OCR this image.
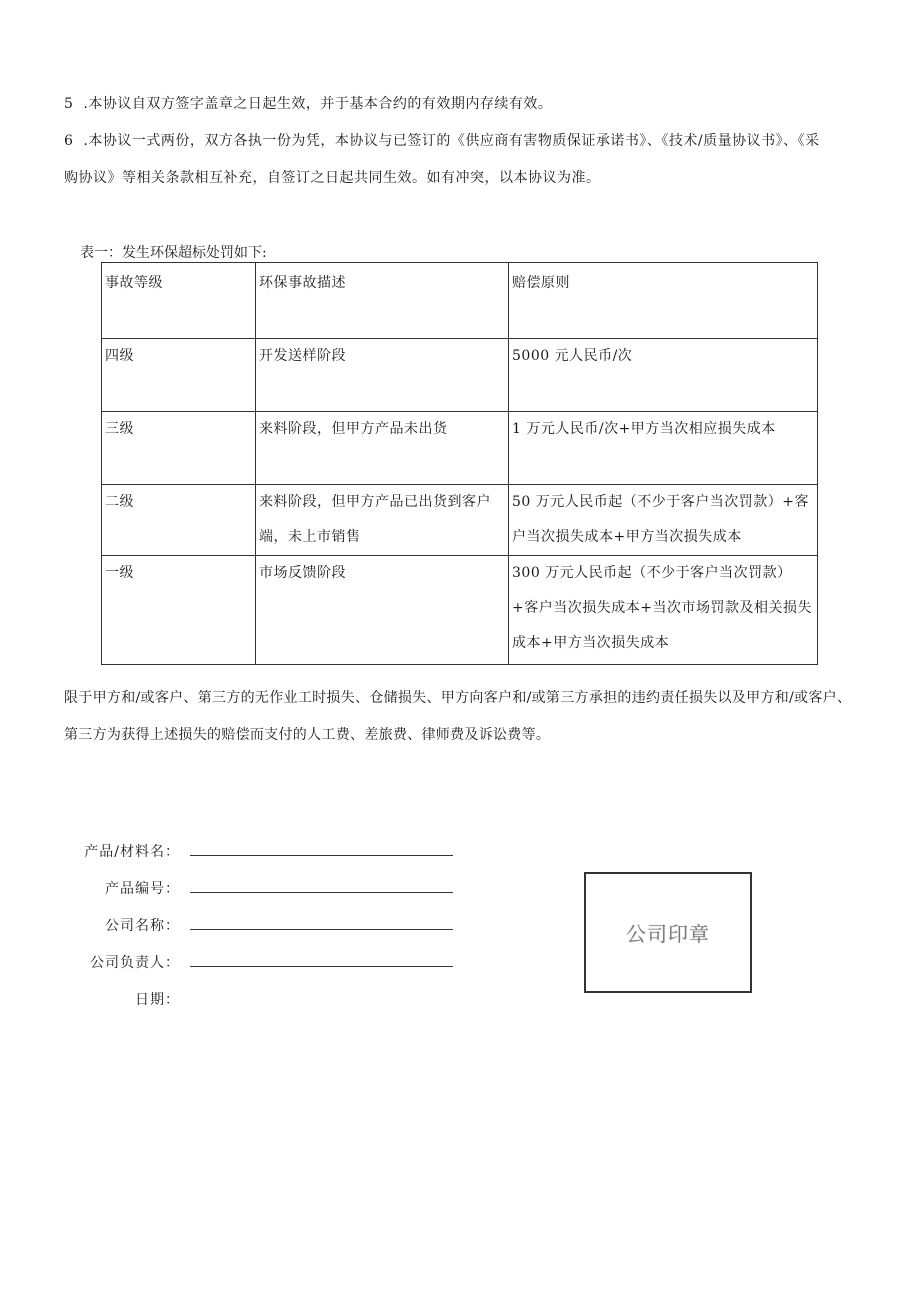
5 .本协议自双方签字盖章之日起生效，并于基本合约的有效期内存续有效。

6 .本协议一式两份，双方各执一份为凭，本协议与已签订的《供应商有害物质保证承诺书》、《技术/质量协议书》、《采购协议》等相关条款相互补充，自签订之日起共同生效。如有冲突，以本协议为准。

表一：发生环保超标处罚如下:

事故等级	环保事故描述	赔偿原则
四级	开发送样阶段	5000 元人民币/次
三级	来料阶段，但甲方产品未出货	1 万元人民币/次+甲方当次相应损失成本
二级	来料阶段，但甲方产品已出货到客户端，未上市销售	50 万元人民币起（不少于客户当次罚款）+客户当次损失成本+甲方当次损失成本
一级	市场反馈阶段	300 万元人民币起（不少于客户当次罚款）+客户当次损失成本+当次市场罚款及相关损失成本+甲方当次损失成本

限于甲方和/或客户、第三方的无作业工时损失、仓储损失、甲方向客户和/或第三方承担的违约责任损失以及甲方和/或客户、第三方为获得上述损失的赔偿而支付的人工费、差旅费、律师费及诉讼费等。

产品/材料名：
产品编号：
公司名称：
公司负责人：
日期：
公司印章
